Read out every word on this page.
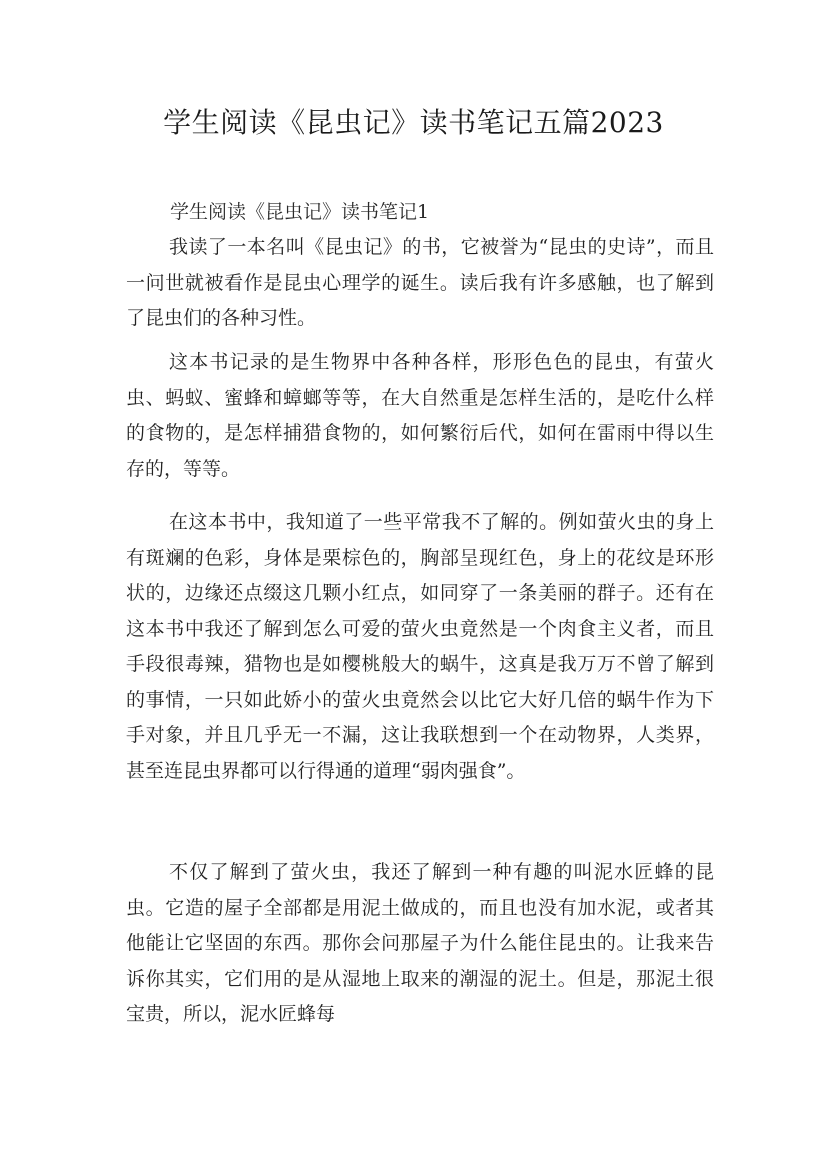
学生阅读《昆虫记》读书笔记五篇2023
学生阅读《昆虫记》读书笔记1

我读了一本名叫《昆虫记》的书，它被誉为“昆虫的史诗”，而且一问世就被看作是昆虫心理学的诞生。读后我有许多感触，也了解到了昆虫们的各种习性。

这本书记录的是生物界中各种各样，形形色色的昆虫，有萤火虫、蚂蚁、蜜蜂和蟑螂等等，在大自然重是怎样生活的，是吃什么样的食物的，是怎样捕猎食物的，如何繁衍后代，如何在雷雨中得以生存的，等等。

在这本书中，我知道了一些平常我不了解的。例如萤火虫的身上有斑斓的色彩，身体是栗棕色的，胸部呈现红色，身上的花纹是环形状的，边缘还点缀这几颗小红点，如同穿了一条美丽的群子。还有在这本书中我还了解到怎么可爱的萤火虫竟然是一个肉食主义者，而且手段很毒辣，猎物也是如樱桃般大的蜗牛，这真是我万万不曾了解到的事情，一只如此娇小的萤火虫竟然会以比它大好几倍的蜗牛作为下手对象，并且几乎无一不漏，这让我联想到一个在动物界，人类界，甚至连昆虫界都可以行得通的道理“弱肉强食”。

不仅了解到了萤火虫，我还了解到一种有趣的叫泥水匠蜂的昆虫。它造的屋子全部都是用泥土做成的，而且也没有加水泥，或者其他能让它坚固的东西。那你会问那屋子为什么能住昆虫的。让我来告诉你其实，它们用的是从湿地上取来的潮湿的泥土。但是，那泥土很宝贵，所以，泥水匠蜂每
